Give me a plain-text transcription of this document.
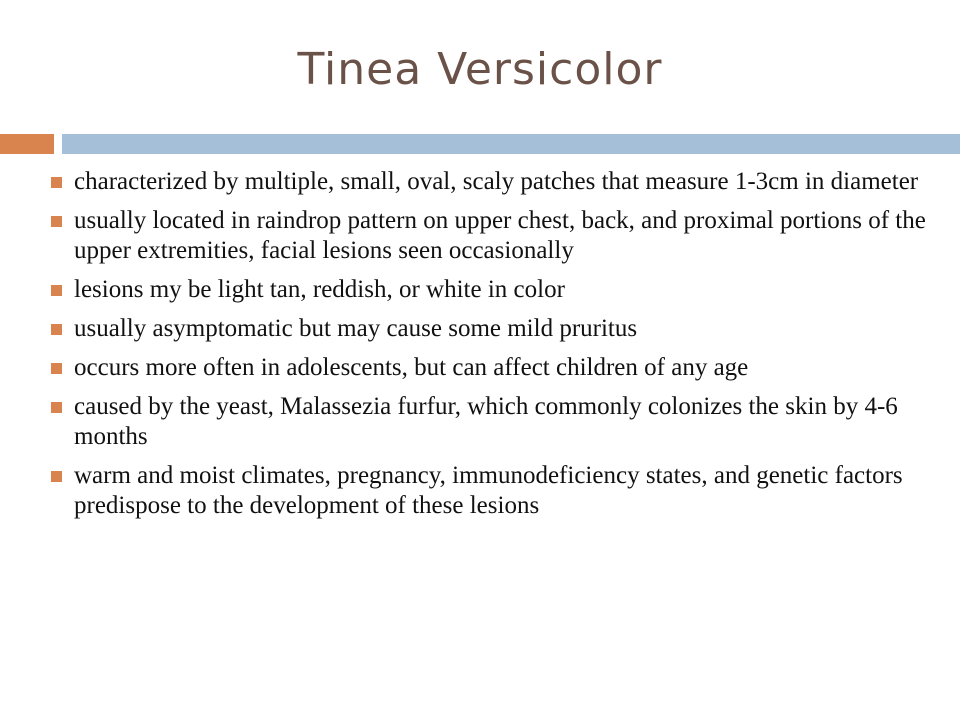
Tinea Versicolor
characterized by multiple, small, oval, scaly patches that measure 1-3cm in diameter
usually located in raindrop pattern on upper chest, back, and proximal portions of the upper extremities, facial lesions seen occasionally
lesions my be light tan, reddish, or white in color
usually asymptomatic but may cause some mild pruritus
occurs more often in adolescents, but can affect children of any age
caused by the yeast, Malassezia furfur, which commonly colonizes the skin by 4-6 months
warm and moist climates, pregnancy, immunodeficiency states, and genetic factors predispose to the development of these lesions
